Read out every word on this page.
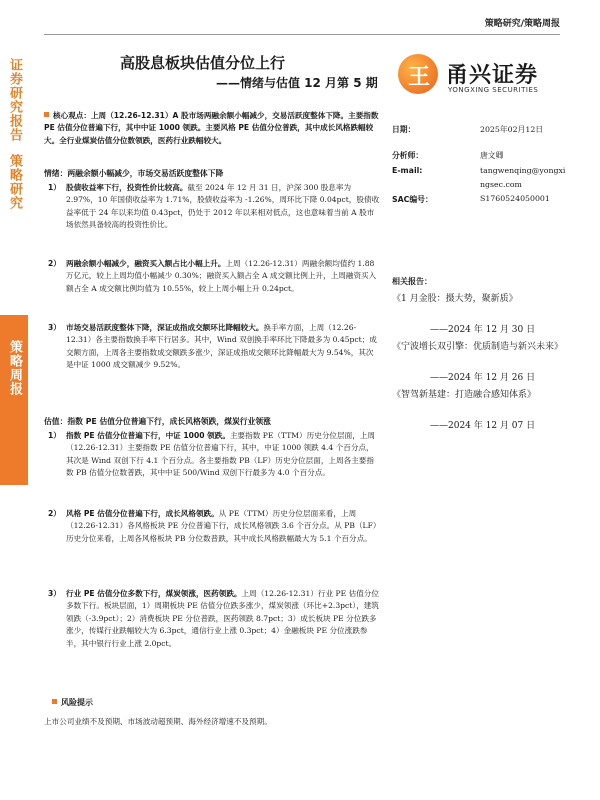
证券研究报告
策略研究
策略周报
策略研究/策略周报
高股息板块估值分位上行
——情绪与估值 12 月第 5 期 王 甬兴证券
YONGXING SECURITIES
核心观点：上周（12.26-12.31）A 股市场两融余额小幅减少，交易活跃度整体下降。主要指数 PE 估值分位普遍下行，其中中证 1000 领跌。主要风格 PE 估值分位普跌，其中成长风格跌幅较大。全行业煤炭估值分位数领跌，医药行业跌幅较大。
情绪：两融余额小幅减少，市场交易活跃度整体下降
1） 股债收益率下行，投资性价比较高。截至 2024 年 12 月 31 日，沪深 300 股息率为 2.97%，10 年国债收益率为 1.71%，股债收益率为 -1.26%，周环比下降 0.04pct，股债收益率低于 24 年以来均值 0.43pct，仍处于 2012 年以来相对低点，这也意味着当前 A 股市场依然具备较高的投资性价比。
2） 两融余额小幅减少，融资买入额占比小幅上升。上周（12.26-12.31）两融余额均值约 1.88 万亿元，较上上周均值小幅减少 0.30%；融资买入额占全 A 成交额比例上升，上周融资买入额占全 A 成交额比例均值为 10.55%，较上上周小幅上升 0.24pct。
3） 市场交易活跃度整体下降，深证成指成交额环比降幅较大。换手率方面，上周（12.26-12.31）各主要指数换手率下行居多。其中，Wind 双创换手率环比下降最多为 0.45pct；成交额方面，上周各主要指数成交额跌多涨少，深证成指成交额环比降幅最大为 9.54%，其次是中证 1000 成交额减少 9.52%。
估值：指数 PE 估值分位普遍下行，成长风格领跌，煤炭行业领涨
1） 指数 PE 估值分位普遍下行，中证 1000 领跌。主要指数 PE（TTM）历史分位层面，上周（12.26-12.31）主要指数 PE 估值分位普遍下行，其中，中证 1000 领跌 4.4 个百分点，其次是 Wind 双创下行 4.1 个百分点。各主要指数 PB（LF）历史分位层面，上周各主要指数 PB 估值分位数普跌，其中中证 500/Wind 双创下行最多为 4.0 个百分点。
2） 风格 PE 估值分位普遍下行，成长风格领跌。从 PE（TTM）历史分位层面来看，上周（12.26-12.31）各风格板块 PE 分位普遍下行，成长风格领跌 3.6 个百分点。从 PB（LF）历史分位来看，上周各风格板块 PB 分位数普跌，其中成长风格跌幅最大为 5.1 个百分点。
3） 行业 PE 估值分位多数下行，煤炭领涨，医药领跌。上周（12.26-12.31）行业 PE 估值分位多数下行。板块层面，1）周期板块 PE 估值分位跌多涨少，煤炭领涨（环比+2.3pct），建筑领跌（-3.9pct）；2）消费板块 PE 分位普跌，医药领跌 8.7pct；3）成长板块 PE 分位跌多涨少，传媒行业跌幅较大为 6.3pct，通信行业上涨 0.3pct；4）金融板块 PE 分位涨跌参半，其中银行行业上涨 2.0pct。
风险提示
上市公司业绩不及预期、市场波动超预期、海外经济增速不及预期。
日期：	2025年02月12日
分析师：	唐文卿
E-mail:	tangwenqing@yongxi
ngsec.com
SAC编号：	S1760524050001
相关报告：
《1 月金股：摄大势，聚新质》
——2024 年 12 月 30 日
《宁波增长双引擎：优质制造与新兴未来》
——2024 年 12 月 26 日
《智驾新基建：打造融合感知体系》
——2024 年 12 月 07 日
